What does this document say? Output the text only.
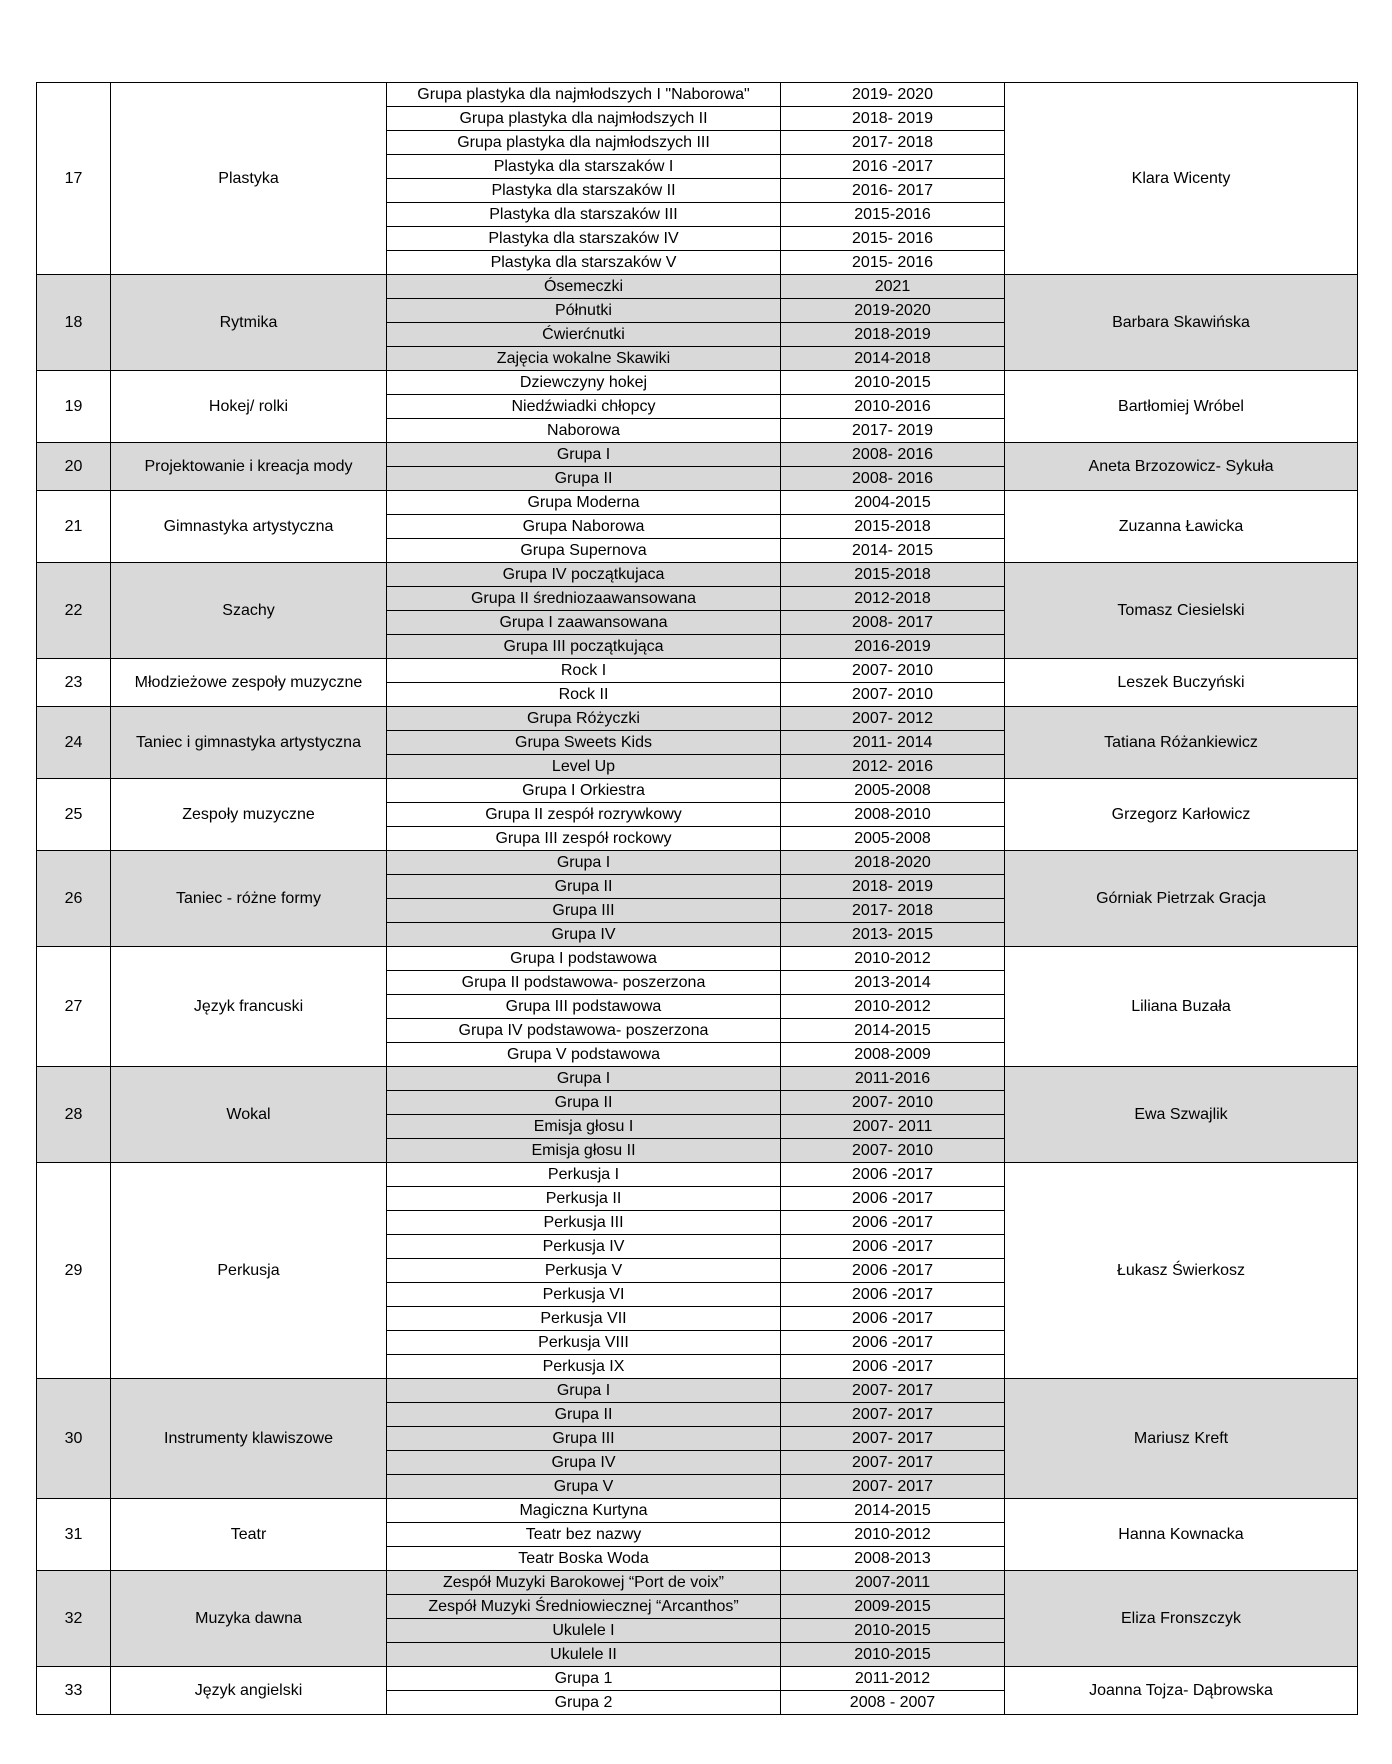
17	Plastyka	Grupa plastyka dla najmłodszych I "Naborowa"	2019- 2020	Klara Wicenty
		Grupa plastyka dla najmłodszych II	2018- 2019	
		Grupa plastyka dla najmłodszych III	2017- 2018	
		Plastyka dla starszaków I	2016 -2017	
		Plastyka dla starszaków II	2016- 2017	
		Plastyka dla starszaków III	2015-2016	
		Plastyka dla starszaków IV	2015- 2016	
		Plastyka dla starszaków V	2015- 2016	
18	Rytmika	Ósemeczki	2021	Barbara Skawińska
		Półnutki	2019-2020	
		Ćwierćnutki	2018-2019	
		Zajęcia wokalne Skawiki	2014-2018	
19	Hokej/ rolki	Dziewczyny hokej	2010-2015	Bartłomiej Wróbel
		Niedźwiadki chłopcy	2010-2016	
		Naborowa	2017- 2019	
20	Projektowanie i kreacja mody	Grupa I	2008- 2016	Aneta Brzozowicz- Sykuła
		Grupa II	2008- 2016	
21	Gimnastyka artystyczna	Grupa Moderna	2004-2015	Zuzanna Ławicka
		Grupa Naborowa	2015-2018	
		Grupa Supernova	2014- 2015	
22	Szachy	Grupa IV początkujaca	2015-2018	Tomasz Ciesielski
		Grupa II średniozaawansowana	2012-2018	
		Grupa I zaawansowana	2008- 2017	
		Grupa III początkująca	2016-2019	
23	Młodzieżowe zespoły muzyczne	Rock I	2007- 2010	Leszek Buczyński
		Rock II	2007- 2010	
24	Taniec i gimnastyka artystyczna	Grupa Różyczki	2007- 2012	Tatiana Różankiewicz
		Grupa Sweets Kids	2011- 2014	
		Level Up	2012- 2016	
25	Zespoły muzyczne	Grupa I Orkiestra	2005-2008	Grzegorz Karłowicz
		Grupa II zespół rozrywkowy	2008-2010	
		Grupa III zespół rockowy	2005-2008	
26	Taniec - różne formy	Grupa I	2018-2020	Górniak Pietrzak Gracja
		Grupa II	2018- 2019	
		Grupa III	2017- 2018	
		Grupa IV	2013- 2015	
27	Język francuski	Grupa I podstawowa	2010-2012	Liliana Buzała
		Grupa II podstawowa- poszerzona	2013-2014	
		Grupa III podstawowa	2010-2012	
		Grupa IV podstawowa- poszerzona	2014-2015	
		Grupa V podstawowa	2008-2009	
28	Wokal	Grupa I	2011-2016	Ewa Szwajlik
		Grupa II	2007- 2010	
		Emisja głosu I	2007- 2011	
		Emisja głosu II	2007- 2010	
29	Perkusja	Perkusja I	2006 -2017	Łukasz Świerkosz
		Perkusja II	2006 -2017	
		Perkusja III	2006 -2017	
		Perkusja IV	2006 -2017	
		Perkusja V	2006 -2017	
		Perkusja VI	2006 -2017	
		Perkusja VII	2006 -2017	
		Perkusja VIII	2006 -2017	
		Perkusja IX	2006 -2017	
30	Instrumenty klawiszowe	Grupa I	2007- 2017	Mariusz Kreft
		Grupa II	2007- 2017	
		Grupa III	2007- 2017	
		Grupa IV	2007- 2017	
		Grupa V	2007- 2017	
31	Teatr	Magiczna Kurtyna	2014-2015	Hanna Kownacka
		Teatr bez nazwy	2010-2012	
		Teatr Boska Woda	2008-2013	
32	Muzyka dawna	Zespół Muzyki Barokowej “Port de voix”	2007-2011	Eliza Fronszczyk
		Zespół Muzyki Średniowiecznej “Arcanthos”	2009-2015	
		Ukulele I	2010-2015	
		Ukulele II	2010-2015	
33	Język angielski	Grupa 1	2011-2012	Joanna Tojza- Dąbrowska
		Grupa 2	2008 - 2007	
